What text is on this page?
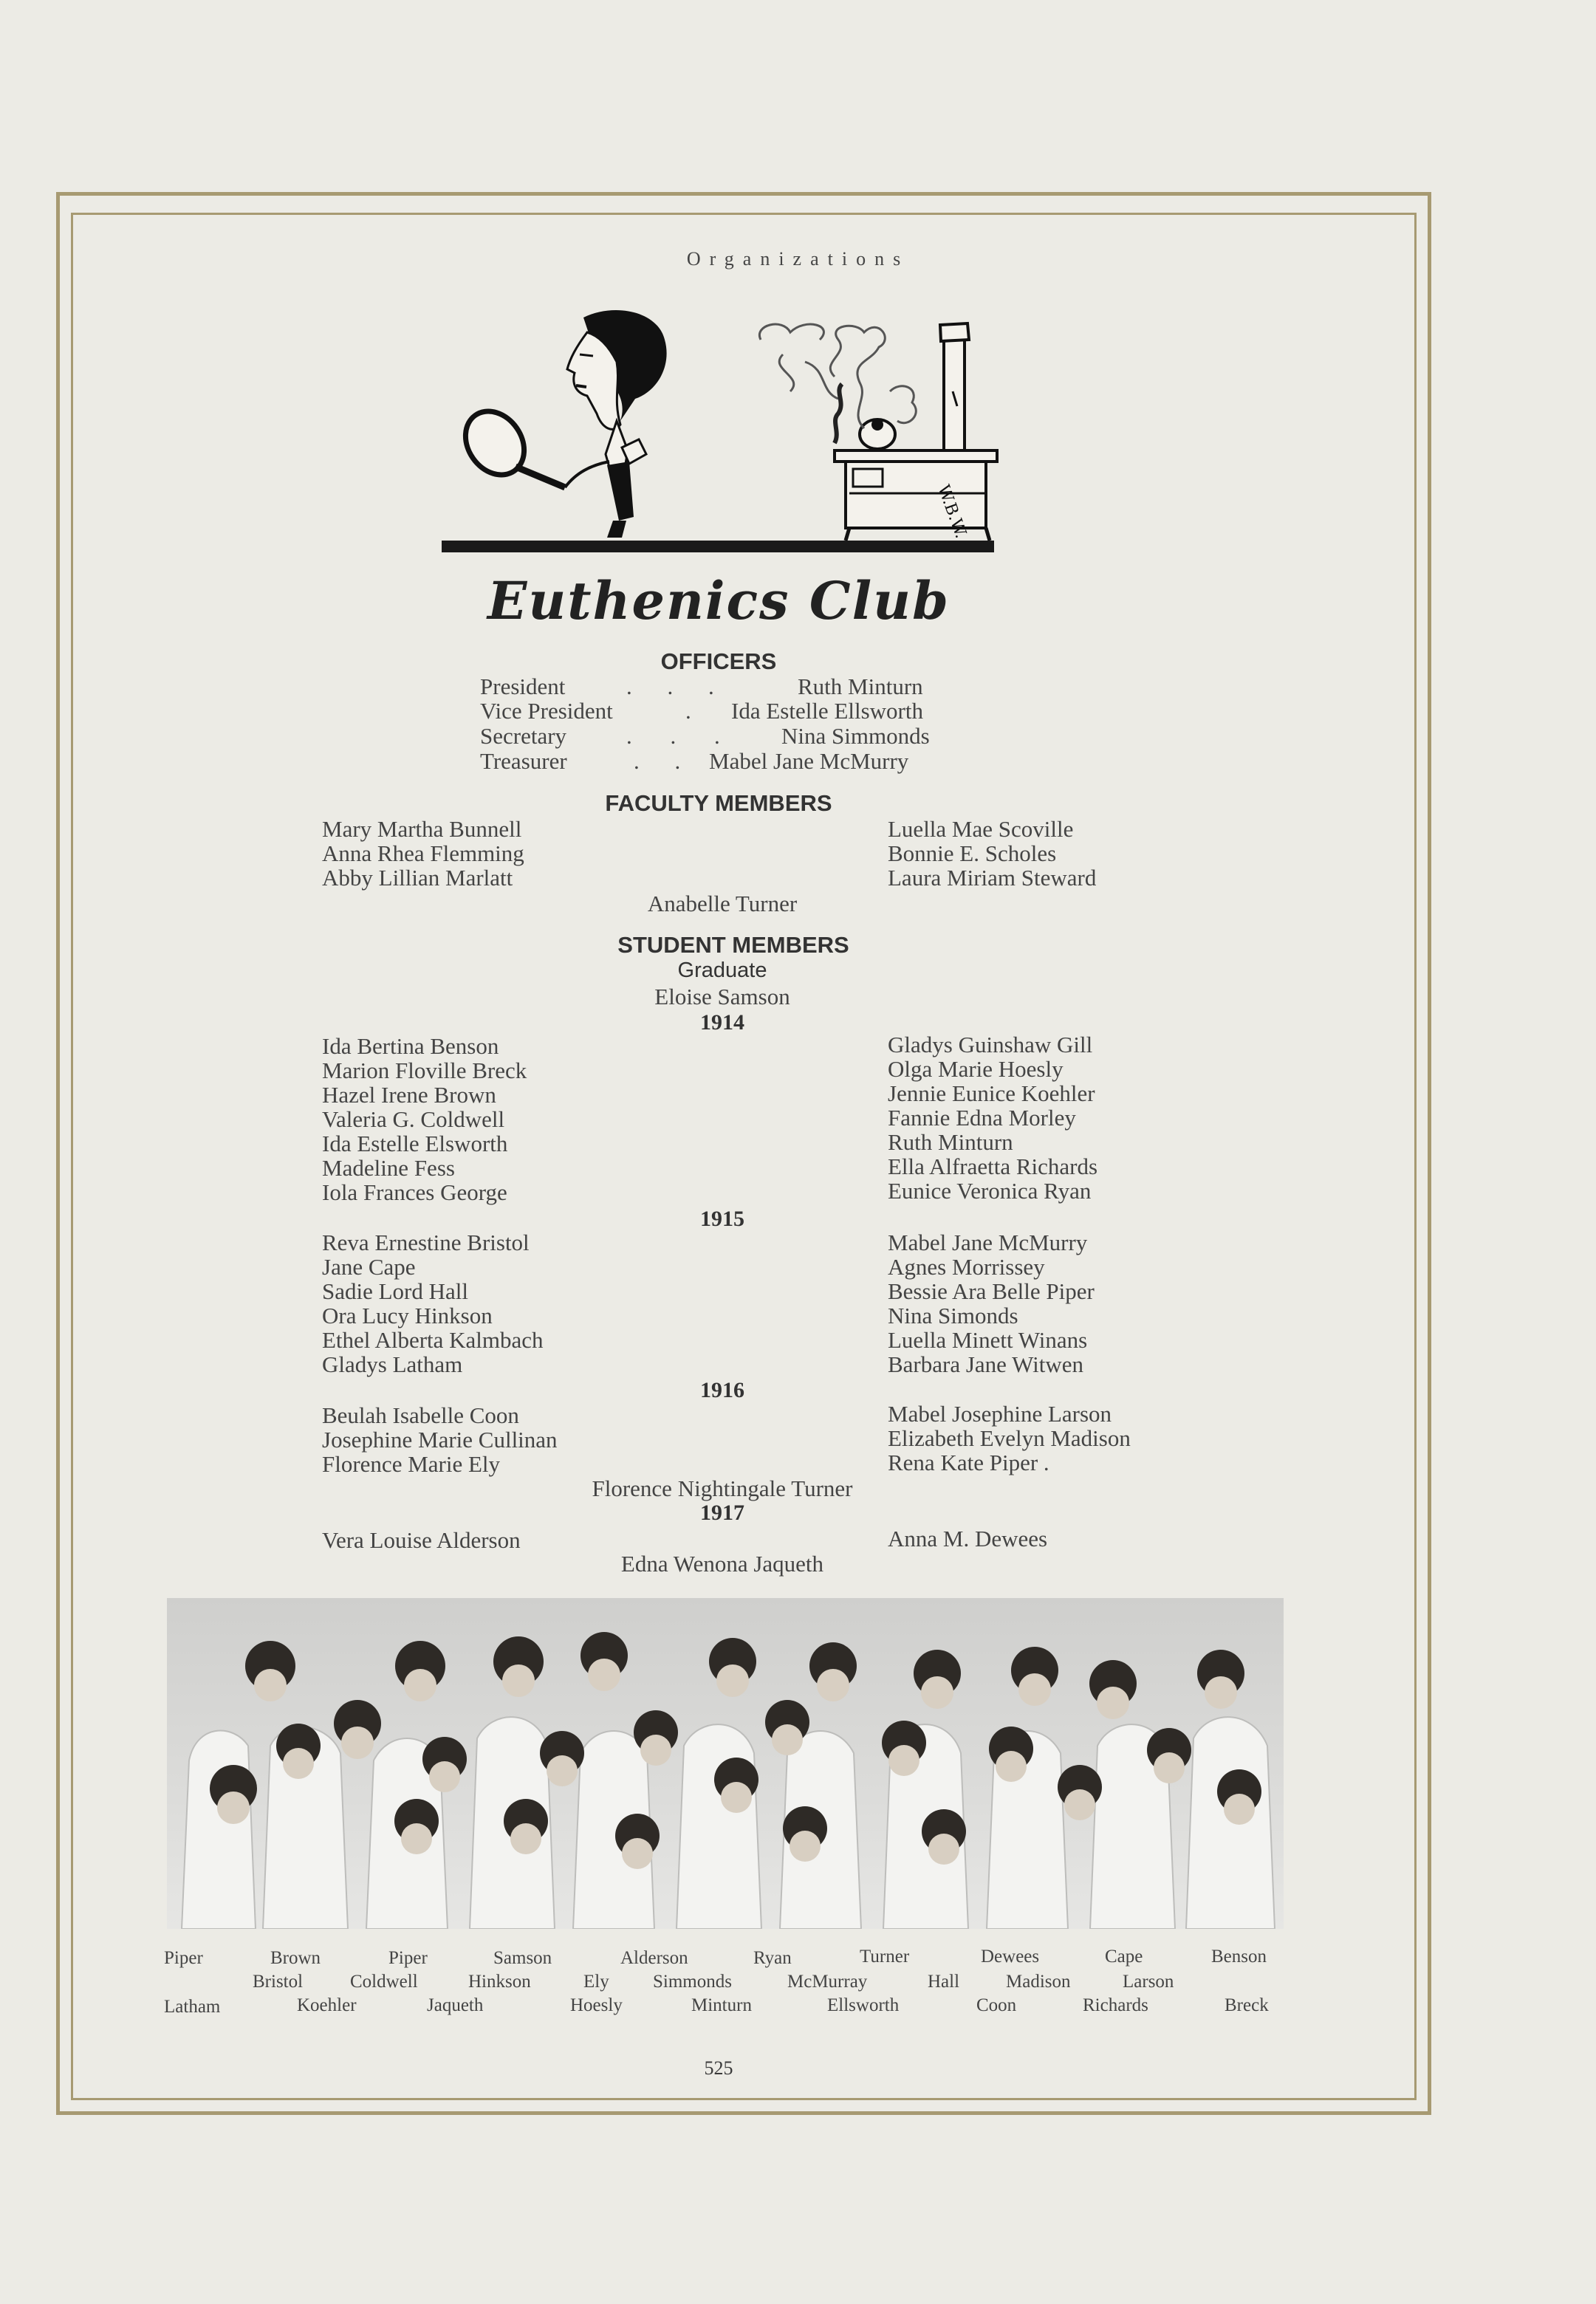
Organizations
W.B.W.
Euthenics Club
OFFICERS
President	. . .	Ruth Minturn
Vice President	. Ida Estelle Ellsworth
Secretary	. . . Nina Simmonds
Treasurer	. . Mabel Jane McMurry
FACULTY MEMBERS
Mary Martha Bunnell
Anna Rhea Flemming
Abby Lillian Marlatt
Luella Mae Scoville
Bonnie E. Scholes
Laura Miriam Steward
Anabelle Turner
STUDENT MEMBERS
Graduate
Eloise Samson
1914
Ida Bertina Benson
Marion Floville Breck
Hazel Irene Brown
Valeria G. Coldwell
Ida Estelle Elsworth
Madeline Fess
Iola Frances George
Gladys Guinshaw Gill
Olga Marie Hoesly
Jennie Eunice Koehler
Fannie Edna Morley
Ruth Minturn
Ella Alfraetta Richards
Eunice Veronica Ryan
1915
Reva Ernestine Bristol
Jane Cape
Sadie Lord Hall
Ora Lucy Hinkson
Ethel Alberta Kalmbach
Gladys Latham
Mabel Jane McMurry
Agnes Morrissey
Bessie Ara Belle Piper
Nina Simonds
Luella Minett Winans
Barbara Jane Witwen
1916
Beulah Isabelle Coon
Josephine Marie Cullinan
Florence Marie Ely
Mabel Josephine Larson
Elizabeth Evelyn Madison
Rena Kate Piper .
Florence Nightingale Turner
1917
Vera Louise Alderson	Anna M. Dewees
Edna Wenona Jaqueth
Piper	Brown	Piper	Samson	Alderson	Ryan	Turner	Dewees	Cape	Benson
Bristol	Coldwell	Hinkson	Ely Simmonds	McMurray	Hall	Madison	Larson
Latham	Koehler	Jaqueth	Hoesly	Minturn	Ellsworth	Coon	Richards	Breck
525
